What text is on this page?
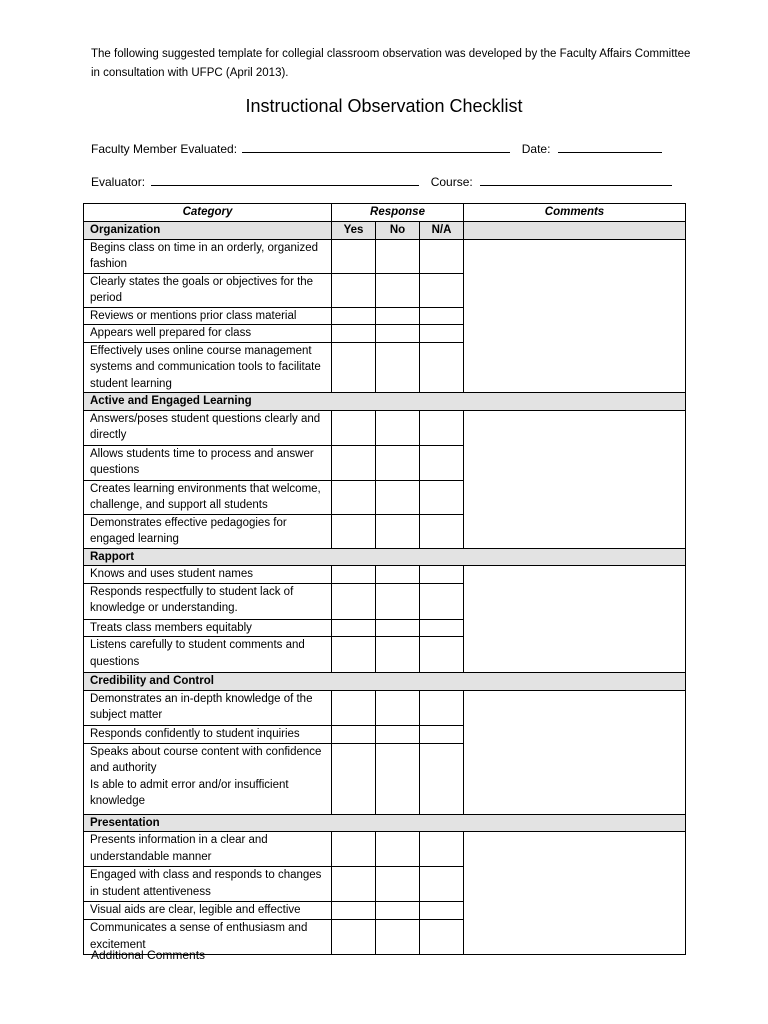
The following suggested template for collegial classroom observation was developed by the Faculty Affairs Committee in consultation with UFPC (April 2013).
Instructional Observation Checklist
Faculty Member Evaluated:	Date:
Evaluator:	Course:
Category	Response			Comments
Organization	Yes	No	N/A	
Begins class on time in an orderly, organized fashion				
Clearly states the goals or objectives for the period				
Reviews or mentions prior class material				
Appears well prepared for class				
Effectively uses online course management systems and communication tools to facilitate student learning				
Active and Engaged Learning				
Answers/poses student questions clearly and directly				
Allows students time to process and answer questions				
Creates learning environments that welcome, challenge, and support all students				
Demonstrates effective pedagogies for engaged learning				
Rapport				
Knows and uses student names				
Responds respectfully to student lack of knowledge or understanding.				
Treats class members equitably				
Listens carefully to student comments and questions				
Credibility and Control				
Demonstrates an in-depth knowledge of the subject matter				
Responds confidently to student inquiries				
Speaks about course content with confidence and authority
Is able to admit error and/or insufficient knowledge				
Presentation				
Presents information in a clear and understandable manner				
Engaged with class and responds to changes in student attentiveness				
Visual aids are clear, legible and effective				
Communicates a sense of enthusiasm and excitement				
Additional Comments
